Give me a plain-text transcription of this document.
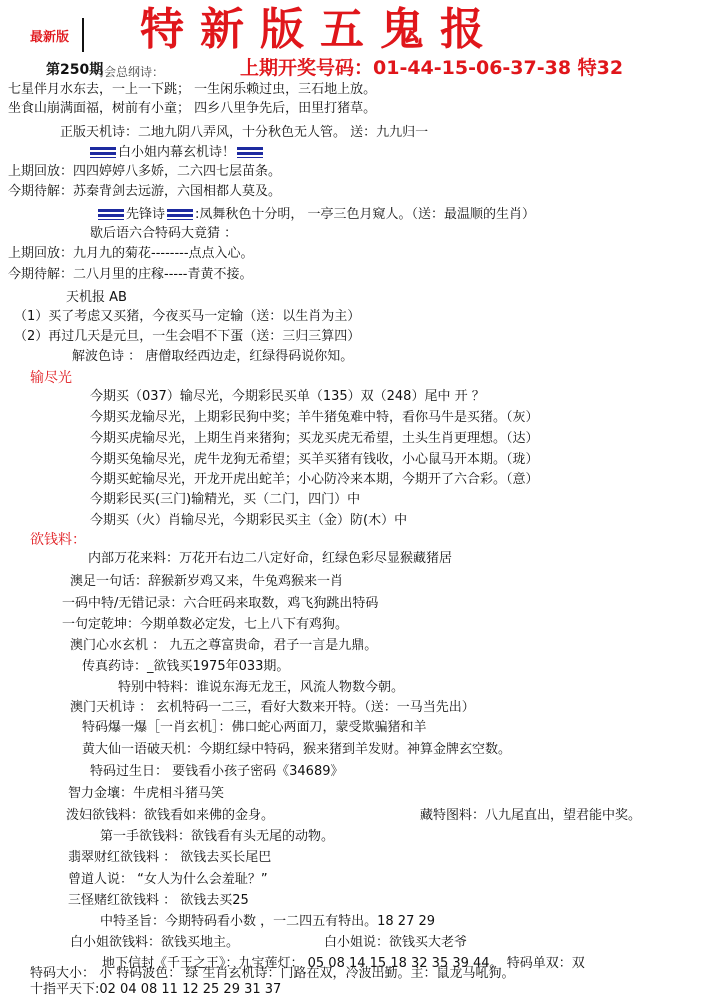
最新版 特新版五鬼报
第250期
马会总纲诗：	上期开奖号码：01-44-15-06-37-38 特32
七星伴月水东去，一上一下跳； 一生闲乐赖过虫，三石地上放。
坐食山崩满面福，树前有小童； 四乡八里争先后，田里打猪草。
正版天机诗：二地九阴八弄风，十分秋色无人管。 送：九九归一
白小姐内幕玄机诗！
上期回放：四四婷婷八多娇，二六四七层苗条。
今期待解：苏秦背剑去远游，六国相都人莫及。
先锋诗 :凤舞秋色十分明， 一亭三色月窥人。（送：最温顺的生肖）
歇后语六合特码大竟猜 ：
上期回放：九月九的菊花--------点点入心。
今期待解：二八月里的庄稼-----青黄不接。
天机报 AB
（1）买了考虑又买猪，今夜买马一定输（送：以生肖为主）
（2）再过几天是元旦，一生会唱不下蛋（送：三归三算四）
解波色诗 ： 唐僧取经西边走，红绿得码说你知。
输尽光
今期买（037）输尽光，今期彩民买单（135）双（248）尾中 开 ？
今期买龙输尽光，上期彩民狗中奖；羊牛猪兔难中特，看你马牛是买猪。（灰）
今期买虎输尽光，上期生肖来猪狗；买龙买虎无希望，土头生肖更理想。（达）
今期买兔输尽光，虎牛龙狗无希望；买羊买猪有钱收，小心鼠马开本期。（珑）
今期买蛇输尽光，开龙开虎出蛇羊；小心防冷来本期，今期开了六合彩。（意）
今期彩民买(三门)输精光，买（二门，四门）中
今期买（火）肖输尽光，今期彩民买主（金）防(木）中
欲钱料：
内部万花来料：万花开右边二八定好命，红绿色彩尽显猴藏猪居
澳足一句话：辞猴新岁鸡又来，牛兔鸡猴来一肖
一码中特/无错记录：六合旺码来取数，鸡飞狗跳出特码
一句定乾坤：今期单数必定发，七上八下有鸡狗。
澳门心水玄机 ： 九五之尊富贵命，君子一言是九鼎。
传真药诗：_欲钱买1975年033期。
特别中特料：谁说东海无龙王，风流人物数今朝。
澳门天机诗 ： 玄机特码一二三，看好大数来开特。（送：一马当先出）
特码爆一爆［一肖玄机］：佛口蛇心两面刀，蒙受欺骗猪和羊
黄大仙一语破天机：今期红绿中特码，猴来猪到羊发财。神算金牌玄空数。
特码过生日： 要钱看小孩子密码《34689》
智力金壤：牛虎相斗猪马笑
泼妇欲钱料：欲钱看如来佛的金身。	藏特图料：八九尾直出，望君能中奖。
第一手欲钱料：欲钱看有头无尾的动物。
翡翠财红欲钱料 ： 欲钱去买长尾巴
曾道人说： “女人为什么会羞耻？”
三怪赌红欲钱料 ： 欲钱去买25
中特圣旨：今期特码看小数 ，一二四五有特出。18 27 29
白小姐欲钱料：欲钱买地主。	白小姐说：欲钱买大老爷
地下信封《千王之王》：九宝莲灯： 05 08 14 15 18 32 35 39 44。 特码单双：双
特码大小： 小 特码波色： 绿 生肖玄机诗：门路在双，冷波出勤。主：鼠龙马吼狗。
十指平天下:02 04 08 11 12 25 29 31 37
